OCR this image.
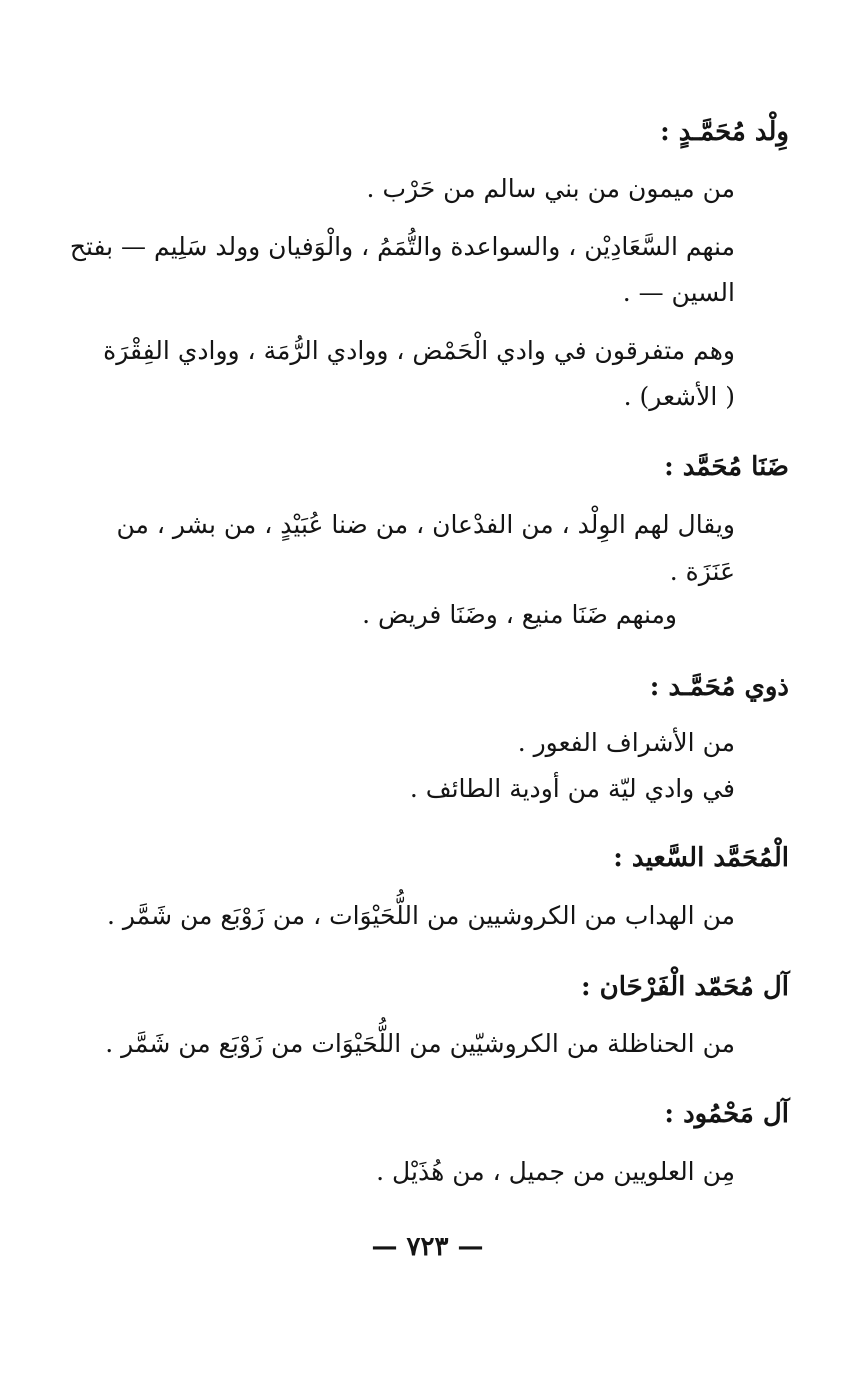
وِلْد مُحَمَّـدٍ :
من ميمون من بني سالم من حَرْب .
منهم السَّعَادِيْن ، والسواعدة والتُّمَمُ ، والْوَفيان وولد سَلِيم — بفتح
السين — .
وهم متفرقون في وادي الْحَمْض ، ووادي الرُّمَة ، ووادي الفِقْرَة
( الأشعر) .
ضَنَا مُحَمَّد :
ويقال لهم الوِلْد ، من الفدْعان ، من ضنا عُبَيْدٍ ، من بشر ، من
عَنَزَة .
ومنهم ضَنَا منيع ، وضَنَا فريض .
ذوي مُحَمَّـد :
من الأشراف الفعور .
في وادي ليّة من أودية الطائف .
الْمُحَمَّد السَّعيد :
من الهداب من الكروشيين من اللُّحَيْوَات ، من زَوْبَع من شَمَّر .
آل مُحَمّد الْفَرْحَان :
من الحناظلة من الكروشيّين من اللُّحَيْوَات من زَوْبَع من شَمَّر .
آل مَحْمُود :
مِن العلويين من جميل ، من هُذَيْل .
— ٧٢٣ —
